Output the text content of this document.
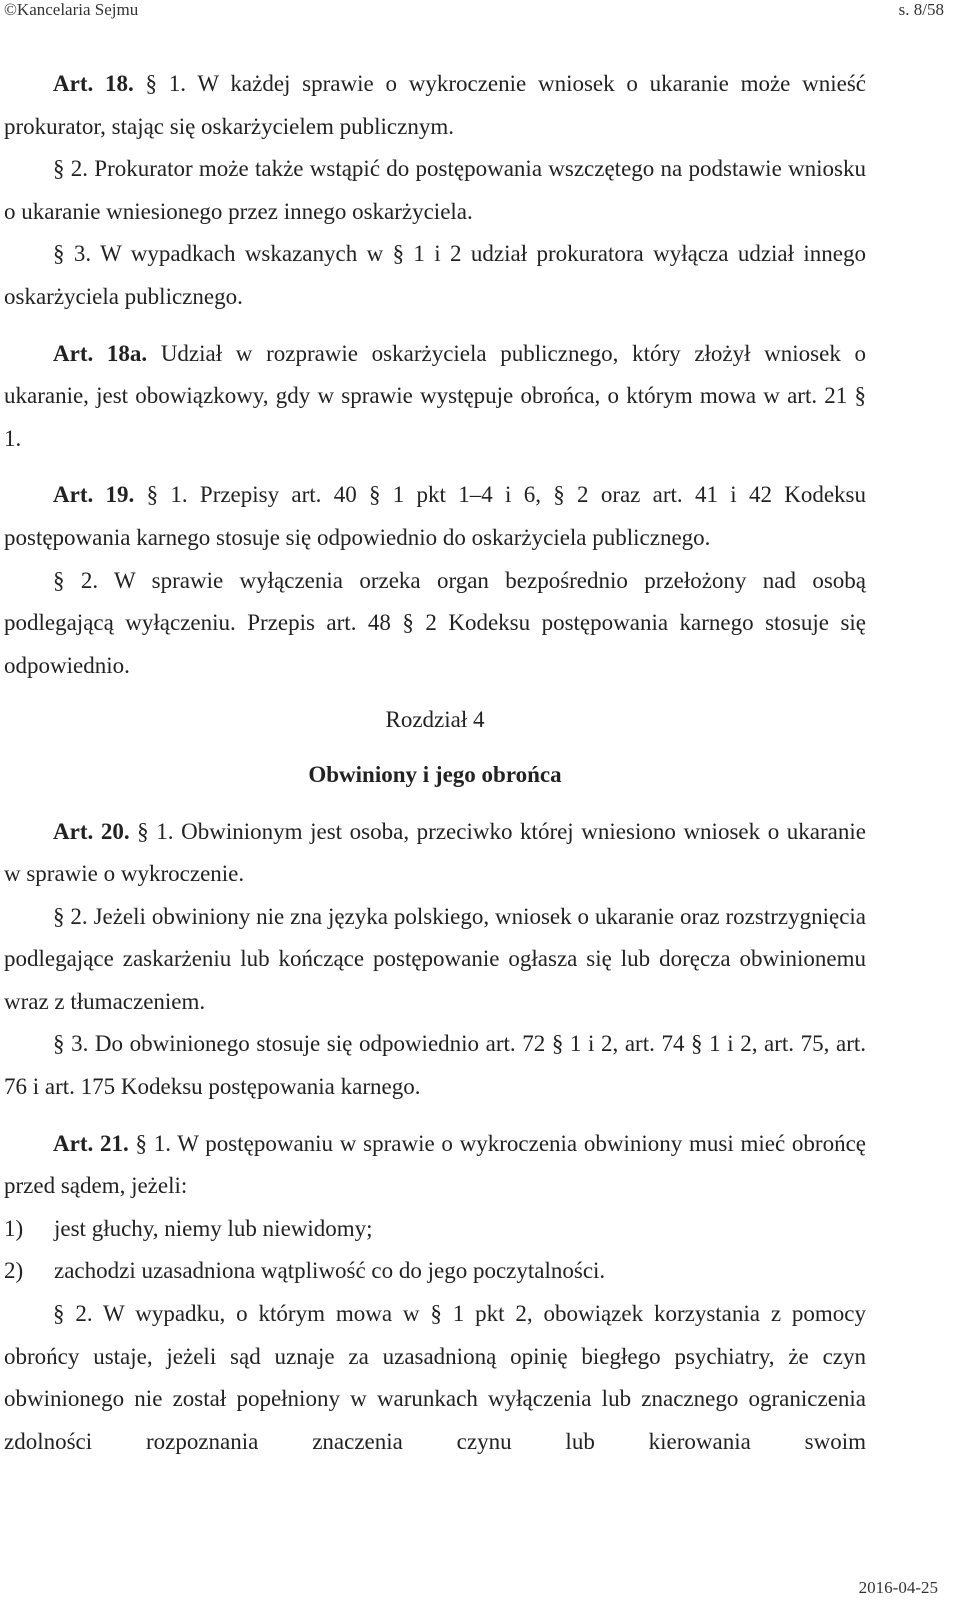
©Kancelaria Sejmu	s. 8/58

Art. 18. § 1. W każdej sprawie o wykroczenie wniosek o ukaranie może wnieść prokurator, stając się oskarżycielem publicznym.

§ 2. Prokurator może także wstąpić do postępowania wszczętego na podstawie wniosku o ukaranie wniesionego przez innego oskarżyciela.

§ 3. W wypadkach wskazanych w § 1 i 2 udział prokuratora wyłącza udział innego oskarżyciela publicznego.

Art. 18a. Udział w rozprawie oskarżyciela publicznego, który złożył wniosek o ukaranie, jest obowiązkowy, gdy w sprawie występuje obrońca, o którym mowa w art. 21 § 1.

Art. 19. § 1. Przepisy art. 40 § 1 pkt 1–4 i 6, § 2 oraz art. 41 i 42 Kodeksu postępowania karnego stosuje się odpowiednio do oskarżyciela publicznego.

§ 2. W sprawie wyłączenia orzeka organ bezpośrednio przełożony nad osobą podlegającą wyłączeniu. Przepis art. 48 § 2 Kodeksu postępowania karnego stosuje się odpowiednio.

Rozdział 4

Obwiniony i jego obrońca

Art. 20. § 1. Obwinionym jest osoba, przeciwko której wniesiono wniosek o ukaranie w sprawie o wykroczenie.

§ 2. Jeżeli obwiniony nie zna języka polskiego, wniosek o ukaranie oraz rozstrzygnięcia podlegające zaskarżeniu lub kończące postępowanie ogłasza się lub doręcza obwinionemu wraz z tłumaczeniem.

§ 3. Do obwinionego stosuje się odpowiednio art. 72 § 1 i 2, art. 74 § 1 i 2, art. 75, art. 76 i art. 175 Kodeksu postępowania karnego.

Art. 21. § 1. W postępowaniu w sprawie o wykroczenia obwiniony musi mieć obrońcę przed sądem, jeżeli:

1)	jest głuchy, niemy lub niewidomy;
2)	zachodzi uzasadniona wątpliwość co do jego poczytalności.

§ 2. W wypadku, o którym mowa w § 1 pkt 2, obowiązek korzystania z pomocy obrońcy ustaje, jeżeli sąd uznaje za uzasadnioną opinię biegłego psychiatry, że czyn obwinionego nie został popełniony w warunkach wyłączenia lub znacznego ograniczenia zdolności rozpoznania znaczenia czynu lub kierowania swoim

2016-04-25
